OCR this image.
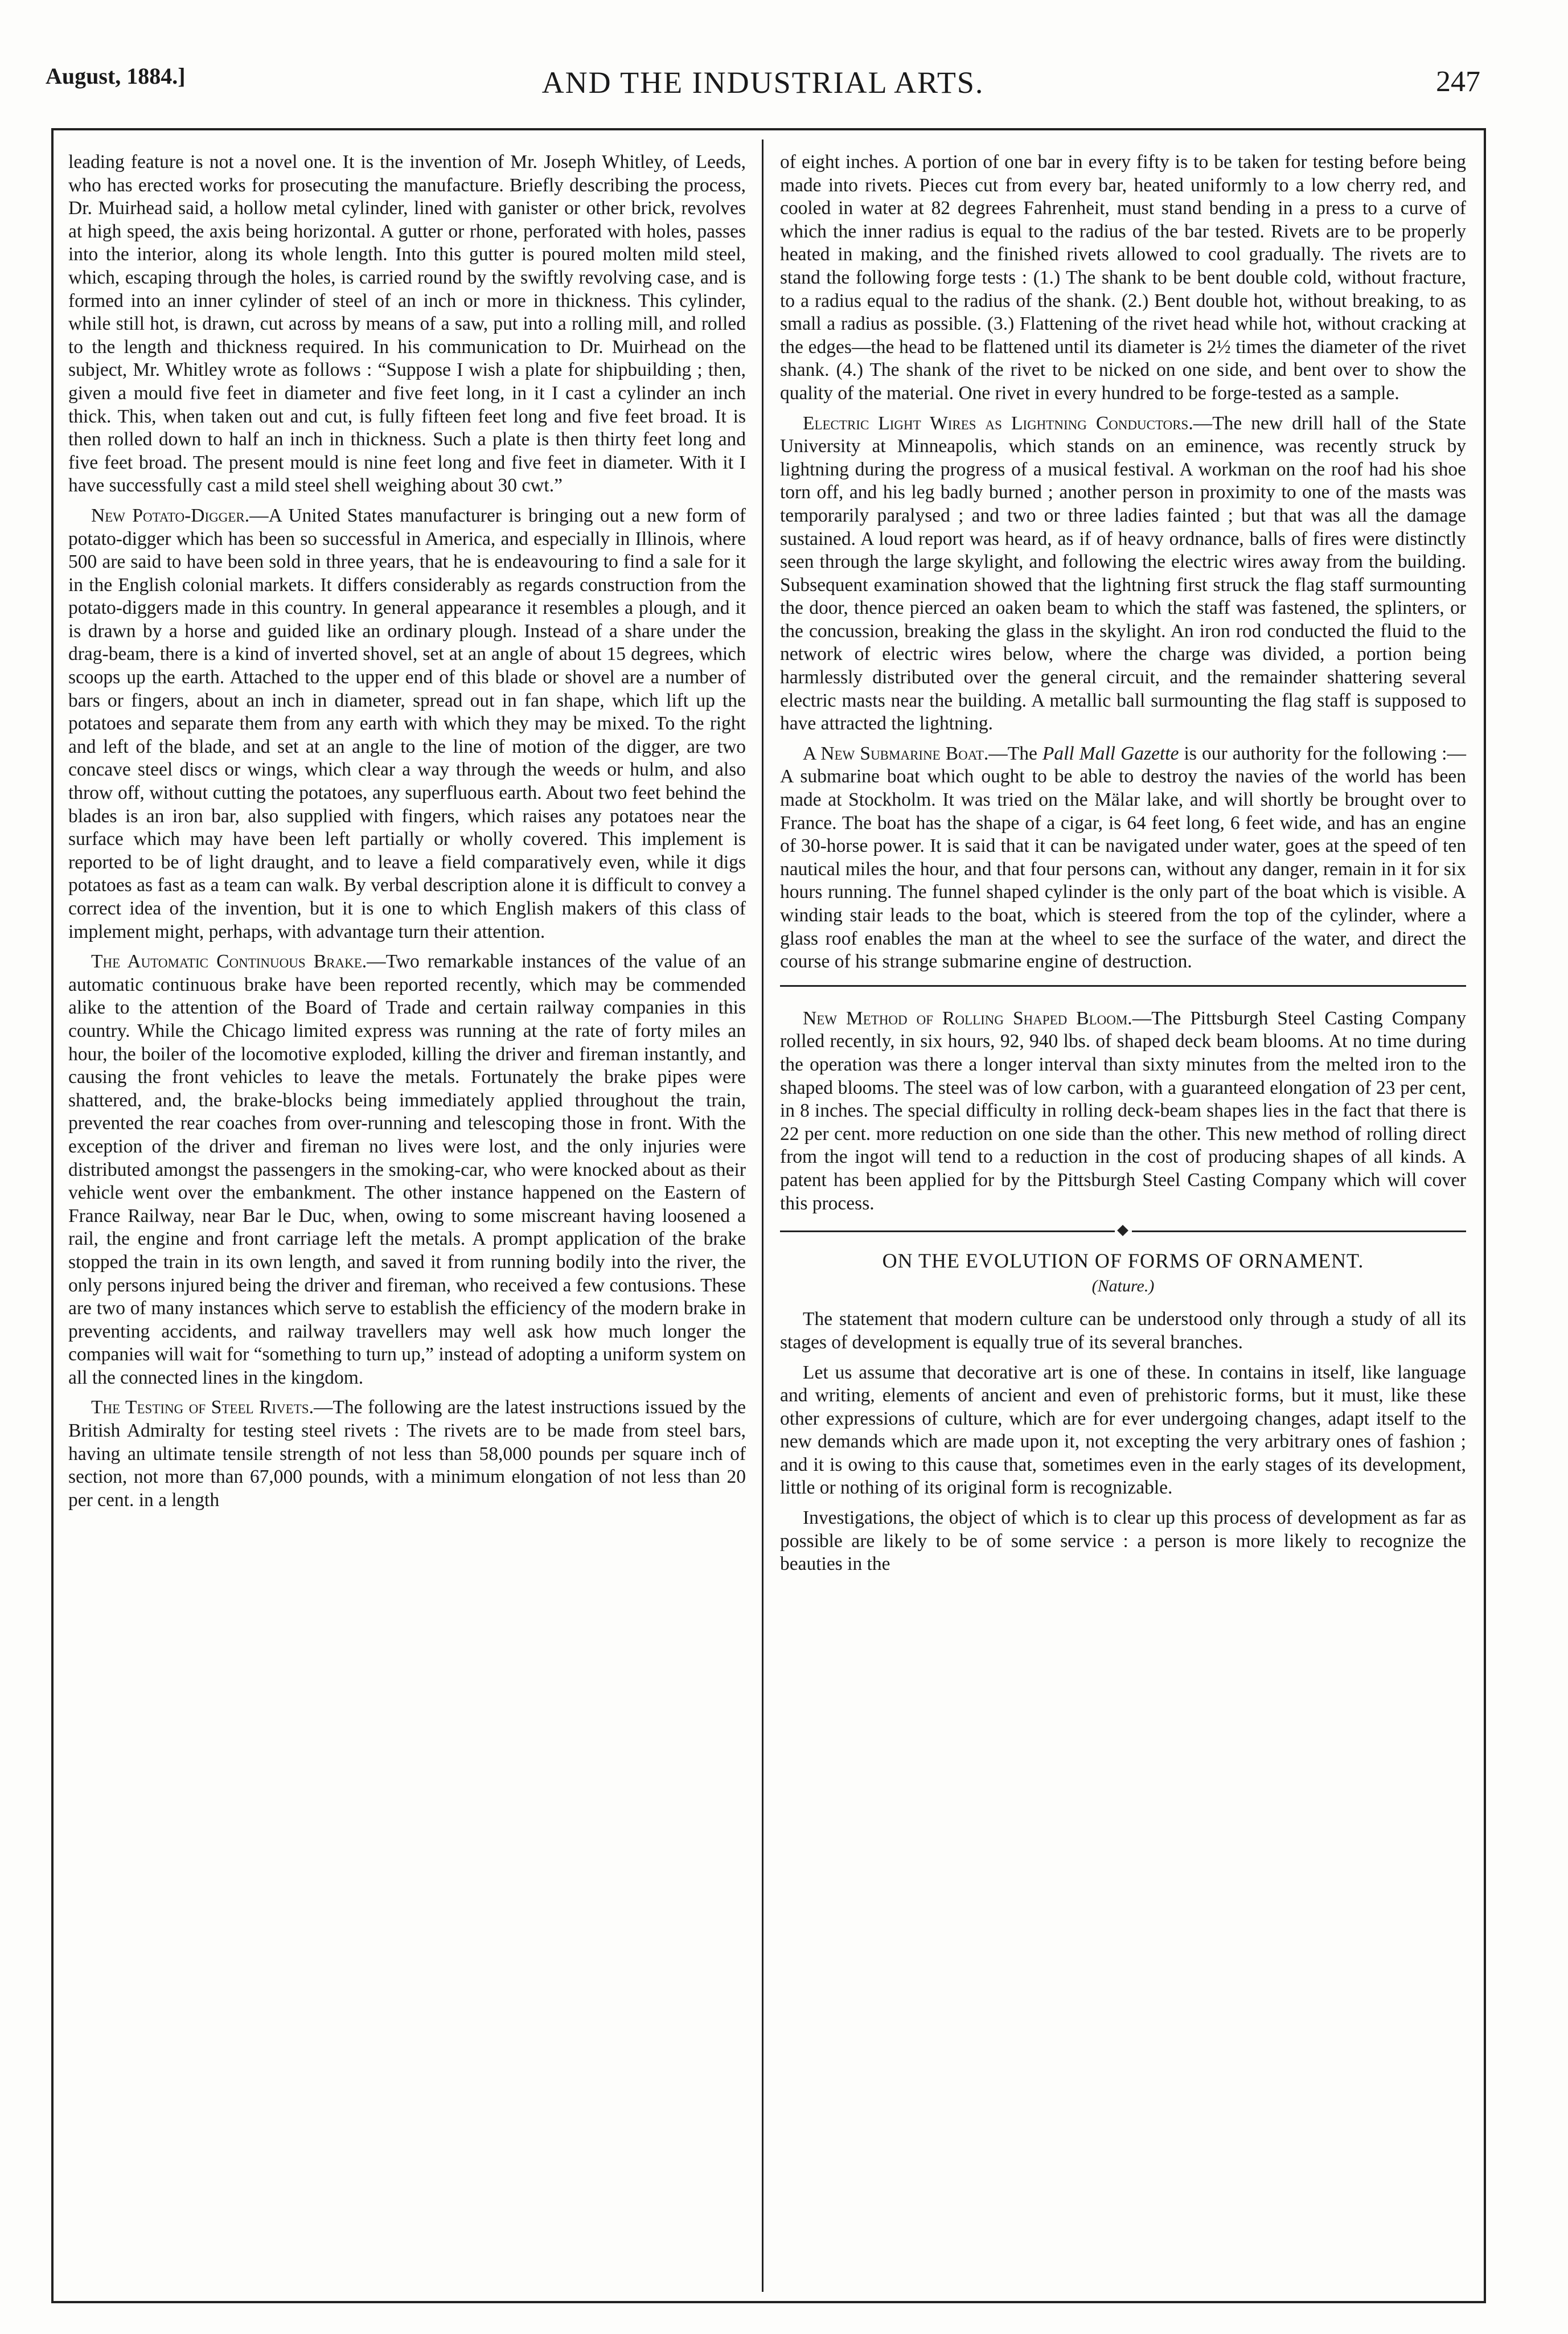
August, 1884.]	AND THE INDUSTRIAL ARTS.	247

leading feature is not a novel one. It is the invention of Mr. Joseph Whitley, of Leeds, who has erected works for prosecuting the manufacture. Briefly describing the process, Dr. Muirhead said, a hollow metal cylinder, lined with ganister or other brick, revolves at high speed, the axis being horizontal. A gutter or rhone, perforated with holes, passes into the interior, along its whole length. Into this gutter is poured molten mild steel, which, escaping through the holes, is carried round by the swiftly revolving case, and is formed into an inner cylinder of steel of an inch or more in thickness. This cylinder, while still hot, is drawn, cut across by means of a saw, put into a rolling mill, and rolled to the length and thickness required. In his communication to Dr. Muirhead on the subject, Mr. Whitley wrote as follows : “Suppose I wish a plate for shipbuilding ; then, given a mould five feet in diameter and five feet long, in it I cast a cylinder an inch thick. This, when taken out and cut, is fully fifteen feet long and five feet broad. It is then rolled down to half an inch in thickness. Such a plate is then thirty feet long and five feet broad. The present mould is nine feet long and five feet in diameter. With it I have successfully cast a mild steel shell weighing about 30 cwt.”

New Potato-Digger.—A United States manufacturer is bringing out a new form of potato-digger which has been so successful in America, and especially in Illinois, where 500 are said to have been sold in three years, that he is endeavouring to find a sale for it in the English colonial markets. It differs considerably as regards construction from the potato-diggers made in this country. In general appearance it resembles a plough, and it is drawn by a horse and guided like an ordinary plough. Instead of a share under the drag-beam, there is a kind of inverted shovel, set at an angle of about 15 degrees, which scoops up the earth. Attached to the upper end of this blade or shovel are a number of bars or fingers, about an inch in diameter, spread out in fan shape, which lift up the potatoes and separate them from any earth with which they may be mixed. To the right and left of the blade, and set at an angle to the line of motion of the digger, are two concave steel discs or wings, which clear a way through the weeds or hulm, and also throw off, without cutting the potatoes, any superfluous earth. About two feet behind the blades is an iron bar, also supplied with fingers, which raises any potatoes near the surface which may have been left partially or wholly covered. This implement is reported to be of light draught, and to leave a field comparatively even, while it digs potatoes as fast as a team can walk. By verbal description alone it is difficult to convey a correct idea of the invention, but it is one to which English makers of this class of implement might, perhaps, with advantage turn their attention.

The Automatic Continuous Brake.—Two remarkable instances of the value of an automatic continuous brake have been reported recently, which may be commended alike to the attention of the Board of Trade and certain railway companies in this country. While the Chicago limited express was running at the rate of forty miles an hour, the boiler of the locomotive exploded, killing the driver and fireman instantly, and causing the front vehicles to leave the metals. Fortunately the brake pipes were shattered, and, the brake-blocks being immediately applied throughout the train, prevented the rear coaches from over-running and telescoping those in front. With the exception of the driver and fireman no lives were lost, and the only injuries were distributed amongst the passengers in the smoking-car, who were knocked about as their vehicle went over the embankment. The other instance happened on the Eastern of France Railway, near Bar le Duc, when, owing to some miscreant having loosened a rail, the engine and front carriage left the metals. A prompt application of the brake stopped the train in its own length, and saved it from running bodily into the river, the only persons injured being the driver and fireman, who received a few contusions. These are two of many instances which serve to establish the efficiency of the modern brake in preventing accidents, and railway travellers may well ask how much longer the companies will wait for “something to turn up,” instead of adopting a uniform system on all the connected lines in the kingdom.

The Testing of Steel Rivets.—The following are the latest instructions issued by the British Admiralty for testing steel rivets : The rivets are to be made from steel bars, having an ultimate tensile strength of not less than 58,000 pounds per square inch of section, not more than 67,000 pounds, with a minimum elongation of not less than 20 per cent. in a length

of eight inches. A portion of one bar in every fifty is to be taken for testing before being made into rivets. Pieces cut from every bar, heated uniformly to a low cherry red, and cooled in water at 82 degrees Fahrenheit, must stand bending in a press to a curve of which the inner radius is equal to the radius of the bar tested. Rivets are to be properly heated in making, and the finished rivets allowed to cool gradually. The rivets are to stand the following forge tests : (1.) The shank to be bent double cold, without fracture, to a radius equal to the radius of the shank. (2.) Bent double hot, without breaking, to as small a radius as possible. (3.) Flattening of the rivet head while hot, without cracking at the edges—the head to be flattened until its diameter is 2½ times the diameter of the rivet shank. (4.) The shank of the rivet to be nicked on one side, and bent over to show the quality of the material. One rivet in every hundred to be forge-tested as a sample.

Electric Light Wires as Lightning Conductors.—The new drill hall of the State University at Minneapolis, which stands on an eminence, was recently struck by lightning during the progress of a musical festival. A workman on the roof had his shoe torn off, and his leg badly burned ; another person in proximity to one of the masts was temporarily paralysed ; and two or three ladies fainted ; but that was all the damage sustained. A loud report was heard, as if of heavy ordnance, balls of fires were distinctly seen through the large skylight, and following the electric wires away from the building. Subsequent examination showed that the lightning first struck the flag staff surmounting the door, thence pierced an oaken beam to which the staff was fastened, the splinters, or the concussion, breaking the glass in the skylight. An iron rod conducted the fluid to the network of electric wires below, where the charge was divided, a portion being harmlessly distributed over the general circuit, and the remainder shattering several electric masts near the building. A metallic ball surmounting the flag staff is supposed to have attracted the lightning.

A New Submarine Boat.—The Pall Mall Gazette is our authority for the following :—A submarine boat which ought to be able to destroy the navies of the world has been made at Stockholm. It was tried on the Mälar lake, and will shortly be brought over to France. The boat has the shape of a cigar, is 64 feet long, 6 feet wide, and has an engine of 30-horse power. It is said that it can be navigated under water, goes at the speed of ten nautical miles the hour, and that four persons can, without any danger, remain in it for six hours running. The funnel shaped cylinder is the only part of the boat which is visible. A winding stair leads to the boat, which is steered from the top of the cylinder, where a glass roof enables the man at the wheel to see the surface of the water, and direct the course of his strange submarine engine of destruction.

New Method of Rolling Shaped Bloom.—The Pittsburgh Steel Casting Company rolled recently, in six hours, 92, 940 lbs. of shaped deck beam blooms. At no time during the operation was there a longer interval than sixty minutes from the melted iron to the shaped blooms. The steel was of low carbon, with a guaranteed elongation of 23 per cent, in 8 inches. The special difficulty in rolling deck-beam shapes lies in the fact that there is 22 per cent. more reduction on one side than the other. This new method of rolling direct from the ingot will tend to a reduction in the cost of producing shapes of all kinds. A patent has been applied for by the Pittsburgh Steel Casting Company which will cover this process.

ON THE EVOLUTION OF FORMS OF ORNAMENT.
(Nature.)

The statement that modern culture can be understood only through a study of all its stages of development is equally true of its several branches.

Let us assume that decorative art is one of these. In contains in itself, like language and writing, elements of ancient and even of prehistoric forms, but it must, like these other expressions of culture, which are for ever undergoing changes, adapt itself to the new demands which are made upon it, not excepting the very arbitrary ones of fashion ; and it is owing to this cause that, sometimes even in the early stages of its development, little or nothing of its original form is recognizable.

Investigations, the object of which is to clear up this process of development as far as possible are likely to be of some service : a person is more likely to recognize the beauties in the
